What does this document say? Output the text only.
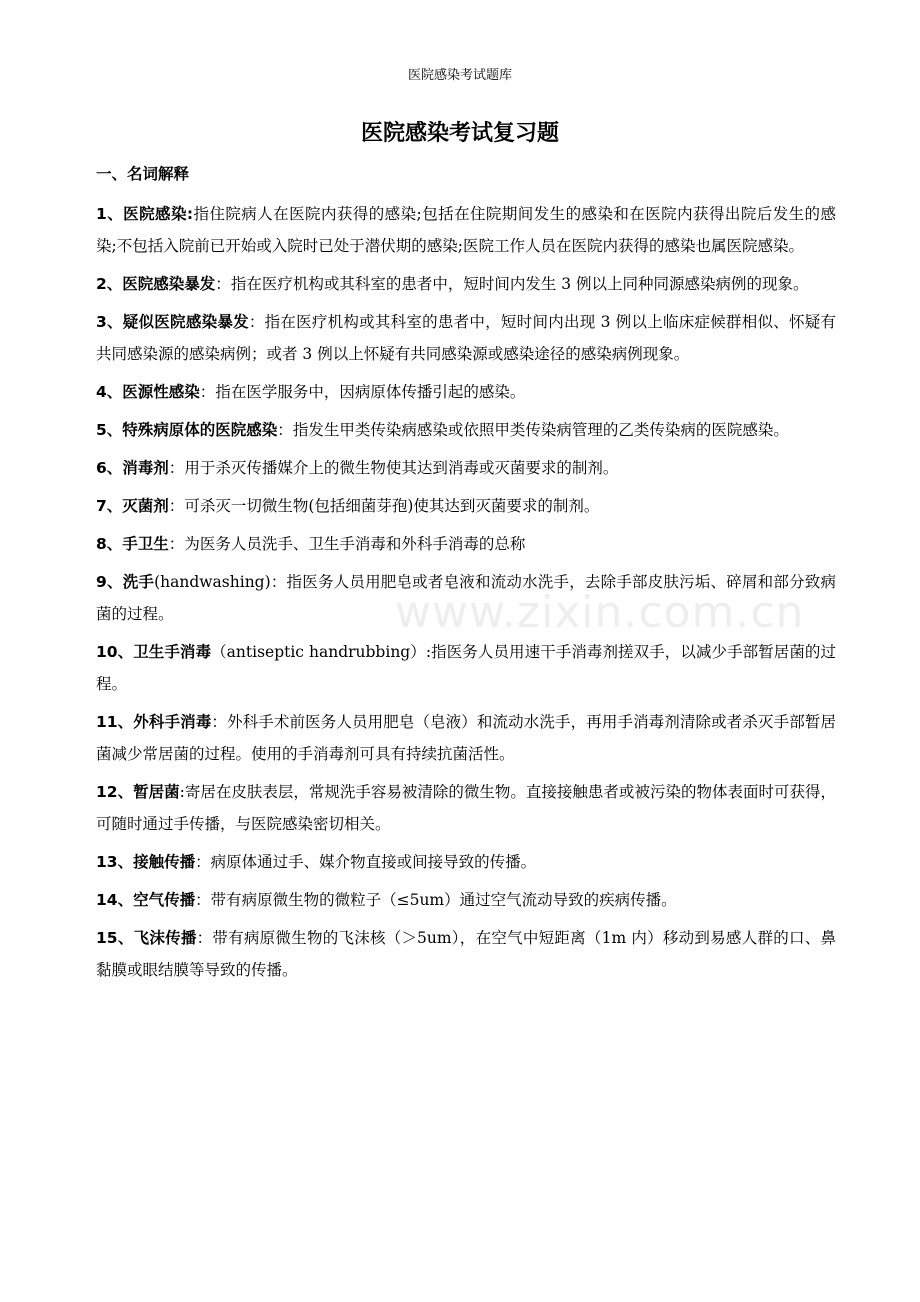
医院感染考试题库
医院感染考试复习题
一、名词解释

1、医院感染:指住院病人在医院内获得的感染;包括在住院期间发生的感染和在医院内获得出院后发生的感染;不包括入院前已开始或入院时已处于潜伏期的感染;医院工作人员在医院内获得的感染也属医院感染。

2、医院感染暴发：指在医疗机构或其科室的患者中，短时间内发生 3 例以上同种同源感染病例的现象。

3、疑似医院感染暴发：指在医疗机构或其科室的患者中，短时间内出现 3 例以上临床症候群相似、怀疑有共同感染源的感染病例；或者 3 例以上怀疑有共同感染源或感染途径的感染病例现象。

4、医源性感染：指在医学服务中，因病原体传播引起的感染。

5、特殊病原体的医院感染：指发生甲类传染病感染或依照甲类传染病管理的乙类传染病的医院感染。

6、消毒剂：用于杀灭传播媒介上的微生物使其达到消毒或灭菌要求的制剂。

7、灭菌剂：可杀灭一切微生物(包括细菌芽孢)使其达到灭菌要求的制剂。

8、手卫生：为医务人员洗手、卫生手消毒和外科手消毒的总称

9、洗手(handwashing)：指医务人员用肥皂或者皂液和流动水洗手，去除手部皮肤污垢、碎屑和部分致病菌的过程。

10、卫生手消毒（antiseptic handrubbing）:指医务人员用速干手消毒剂搓双手，以减少手部暂居菌的过程。

11、外科手消毒：外科手术前医务人员用肥皂（皂液）和流动水洗手，再用手消毒剂清除或者杀灭手部暂居菌减少常居菌的过程。使用的手消毒剂可具有持续抗菌活性。

12、暂居菌:寄居在皮肤表层，常规洗手容易被清除的微生物。直接接触患者或被污染的物体表面时可获得，可随时通过手传播，与医院感染密切相关。

13、接触传播：病原体通过手、媒介物直接或间接导致的传播。

14、空气传播：带有病原微生物的微粒子（≤5um）通过空气流动导致的疾病传播。

15、飞沫传播：带有病原微生物的飞沫核（＞5um），在空气中短距离（1m 内）移动到易感人群的口、鼻黏膜或眼结膜等导致的传播。

www.zixin.com.cn
